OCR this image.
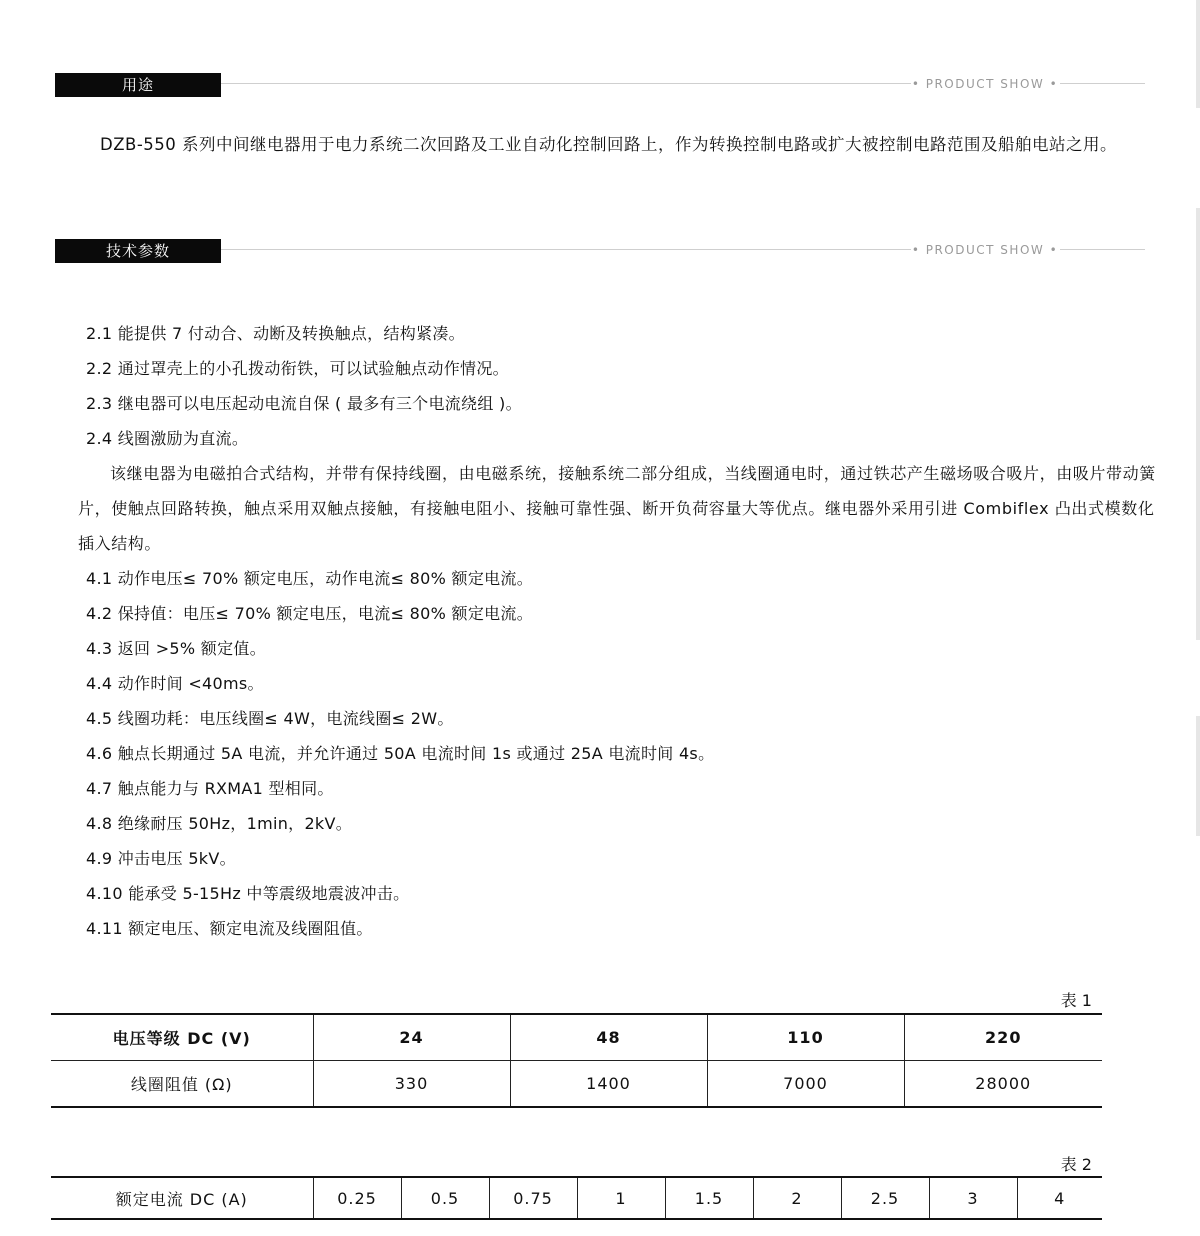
用途	• PRODUCT SHOW •

DZB-550 系列中间继电器用于电力系统二次回路及工业自动化控制回路上，作为转换控制电路或扩大被控制电路范围及船舶电站之用。

技术参数	• PRODUCT SHOW •
2.1 能提供 7 付动合、动断及转换触点，结构紧凑。
2.2 通过罩壳上的小孔拨动衔铁，可以试验触点动作情况。
2.3 继电器可以电压起动电流自保 ( 最多有三个电流绕组 )。
2.4 线圈激励为直流。
该继电器为电磁拍合式结构，并带有保持线圈，由电磁系统，接触系统二部分组成，当线圈通电时，通过铁芯产生磁场吸合吸片，由吸片带动簧片，使触点回路转换，触点采用双触点接触，有接触电阻小、接触可靠性强、断开负荷容量大等优点。继电器外采用引进 Combiflex 凸出式模数化插入结构。
4.1 动作电压≤ 70% 额定电压，动作电流≤ 80% 额定电流。
4.2 保持值：电压≤ 70% 额定电压，电流≤ 80% 额定电流。
4.3 返回 >5% 额定值。
4.4 动作时间 <40ms。
4.5 线圈功耗：电压线圈≤ 4W，电流线圈≤ 2W。
4.6 触点长期通过 5A 电流，并允许通过 50A 电流时间 1s 或通过 25A 电流时间 4s。
4.7 触点能力与 RXMA1 型相同。
4.8 绝缘耐压 50Hz，1min，2kV。
4.9 冲击电压 5kV。
4.10 能承受 5-15Hz 中等震级地震波冲击。
4.11 额定电压、额定电流及线圈阻值。
表 1
电压等级 DC (V)	24	48	110	220
线圈阻值 (Ω)	330	1400	7000	28000
表 2
额定电流 DC (A)	0.25	0.5	0.75	1	1.5	2	2.5	3	4
